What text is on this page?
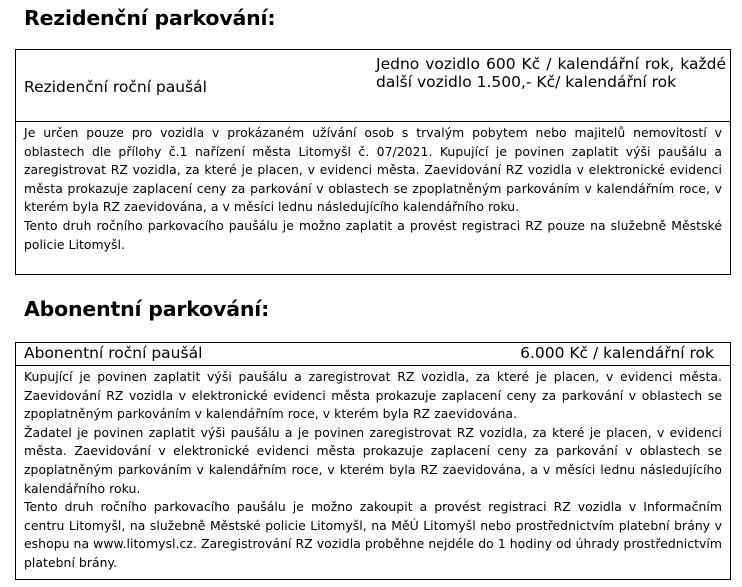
Rezidenční parkování:
Rezidenční roční paušál
Jedno vozidlo 600 Kč / kalendářní rok, každé další vozidlo 1.500,- Kč/ kalendářní rok

Je určen pouze pro vozidla v prokázaném užívání osob s trvalým pobytem nebo majitelů nemovitostí v oblastech dle přílohy č.1 nařízení města Litomyšl č. 07/2021. Kupující je povinen zaplatit výši paušálu a zaregistrovat RZ vozidla, za které je placen, v evidenci města. Zaevidování RZ vozidla v elektronické evidenci města prokazuje zaplacení ceny za parkování v oblastech se zpoplatněným parkováním v kalendářním roce, v kterém byla RZ zaevidována, a v měsíci lednu následujícího kalendářního roku.

Tento druh ročního parkovacího paušálu je možno zaplatit a provést registraci RZ pouze na služebně Městské policie Litomyšl.

Abonentní parkování:
Abonentní roční paušál	6.000 Kč / kalendářní rok

Kupující je povinen zaplatit výši paušálu a zaregistrovat RZ vozidla, za které je placen, v evidenci města. Zaevidování RZ vozidla v elektronické evidenci města prokazuje zaplacení ceny za parkování v oblastech se zpoplatněným parkováním v kalendářním roce, v kterém byla RZ zaevidována.

Žadatel je povinen zaplatit výši paušálu a je povinen zaregistrovat RZ vozidla, za které je placen, v evidenci města. Zaevidování v elektronické evidenci města prokazuje zaplacení ceny za parkování v oblastech se zpoplatněným parkováním v kalendářním roce, v kterém byla RZ zaevidována, a v měsíci lednu následujícího kalendářního roku.

Tento druh ročního parkovacího paušálu je možno zakoupit a provést registraci RZ vozidla v Informačním centru Litomyšl, na služebně Městské policie Litomyšl, na MěÚ Litomyšl nebo prostřednictvím platební brány v eshopu na www.litomysl.cz. Zaregistrování RZ vozidla proběhne nejdéle do 1 hodiny od úhrady prostřednictvím platební brány.
